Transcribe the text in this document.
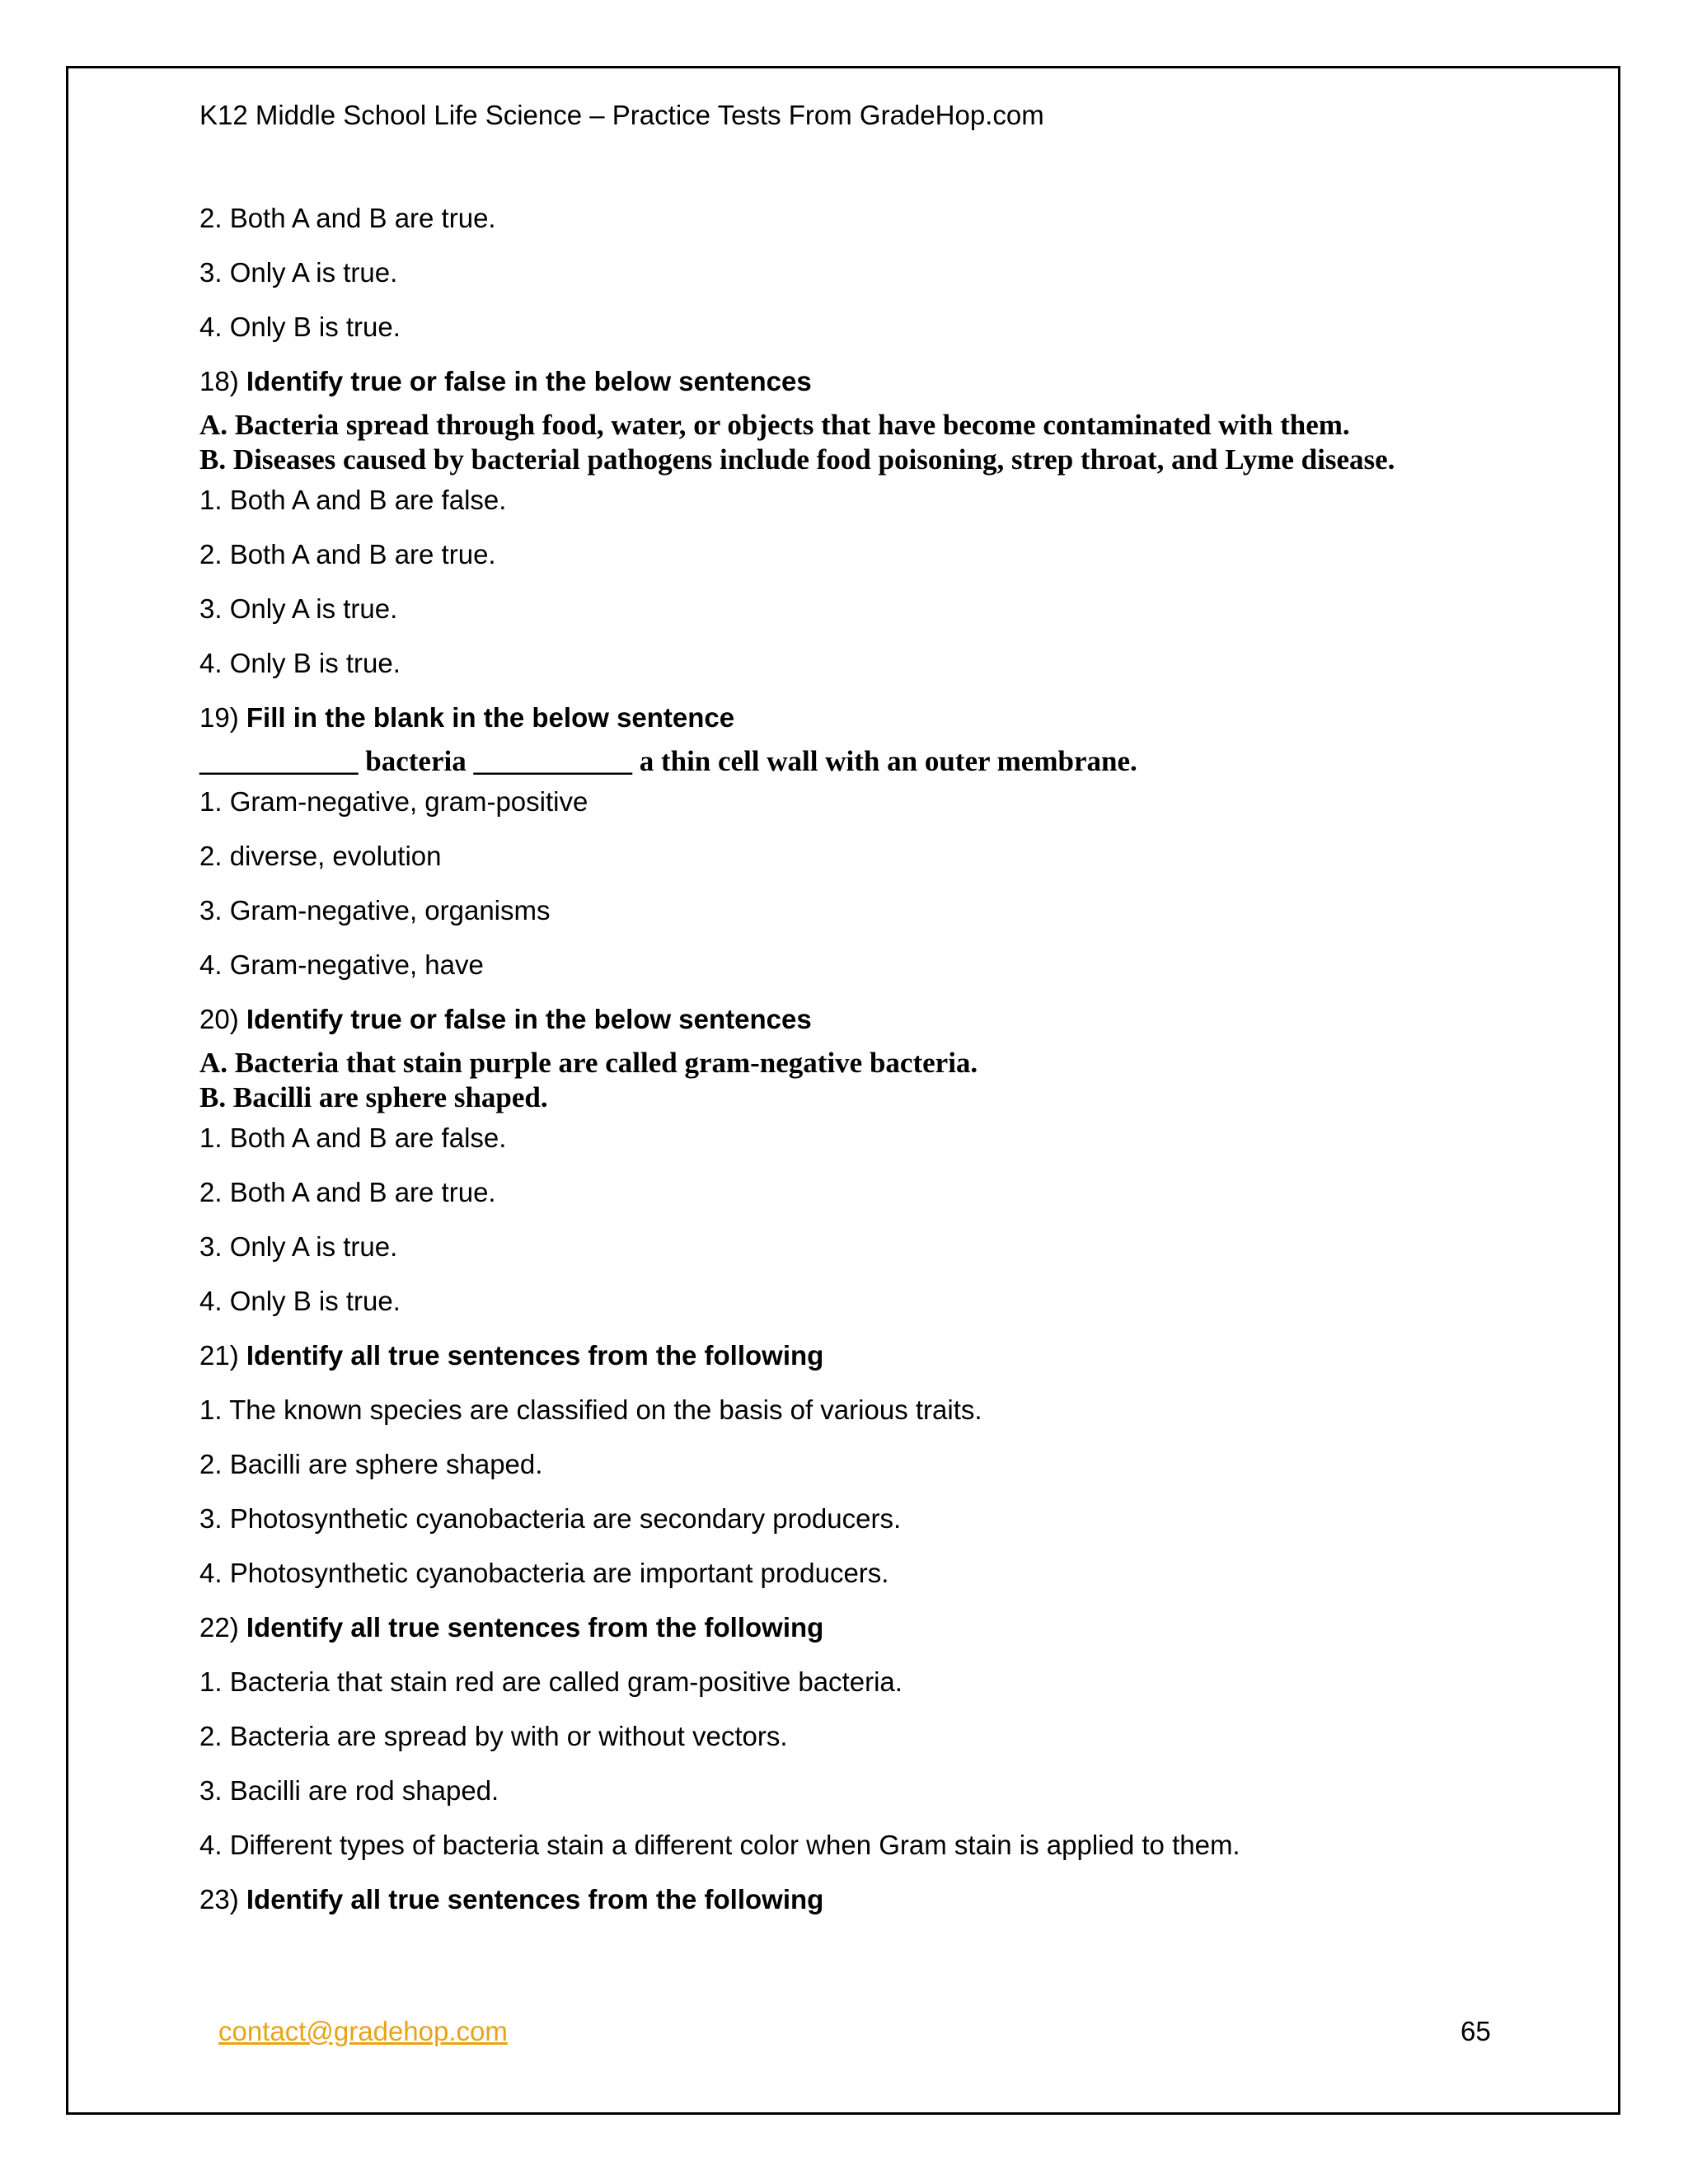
K12 Middle School Life Science – Practice Tests From GradeHop.com
2. Both A and B are true.
3. Only A is true.
4. Only B is true.
18) Identify true or false in the below sentences
A. Bacteria spread through food, water, or objects that have become contaminated with them.
B. Diseases caused by bacterial pathogens include food poisoning, strep throat, and Lyme disease.
1. Both A and B are false.
2. Both A and B are true.
3. Only A is true.
4. Only B is true.
19) Fill in the blank in the below sentence
___________ bacteria ___________ a thin cell wall with an outer membrane.
1. Gram-negative, gram-positive
2. diverse, evolution
3. Gram-negative, organisms
4. Gram-negative, have
20) Identify true or false in the below sentences
A. Bacteria that stain purple are called gram-negative bacteria.
B. Bacilli are sphere shaped.
1. Both A and B are false.
2. Both A and B are true.
3. Only A is true.
4. Only B is true.
21) Identify all true sentences from the following
1. The known species are classified on the basis of various traits.
2. Bacilli are sphere shaped.
3. Photosynthetic cyanobacteria are secondary producers.
4. Photosynthetic cyanobacteria are important producers.
22) Identify all true sentences from the following
1. Bacteria that stain red are called gram-positive bacteria.
2. Bacteria are spread by with or without vectors.
3. Bacilli are rod shaped.
4. Different types of bacteria stain a different color when Gram stain is applied to them.
23) Identify all true sentences from the following
contact@gradehop.com	65
